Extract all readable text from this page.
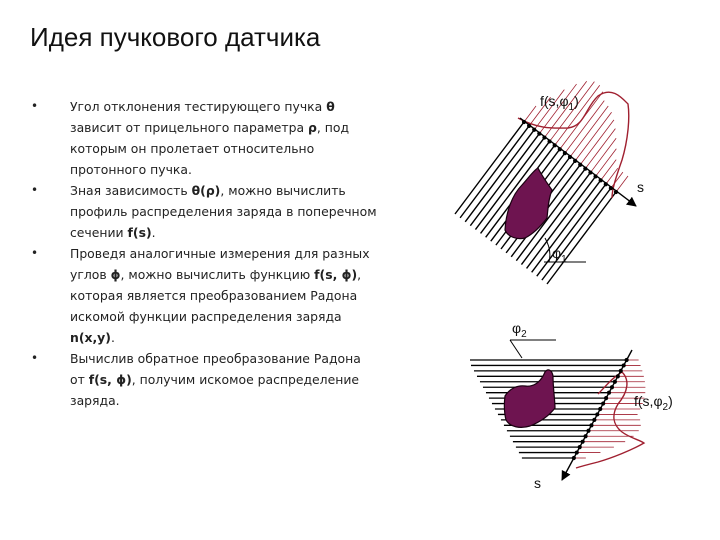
Идея пучкового датчика
•	Угол отклонения тестирующего пучка θ
зависит от прицельного параметра ρ, под
которым он пролетает относительно
протонного пучка.
•	Зная зависимость θ(ρ), можно вычислить
профиль распределения заряда в поперечном
сечении f(s).
•	Проведя аналогичные измерения для разных
углов ϕ, можно вычислить функцию f(s, ϕ),
которая является преобразованием Радона
искомой функции распределения заряда
n(x,y).
•	Вычислив обратное преобразование Радона
от f(s, ϕ), получим искомое распределение
заряда.
$f(s,\varphi_1)$
s
$\varphi_1$
$\varphi_2$
$f(s,\varphi_2)$
s
